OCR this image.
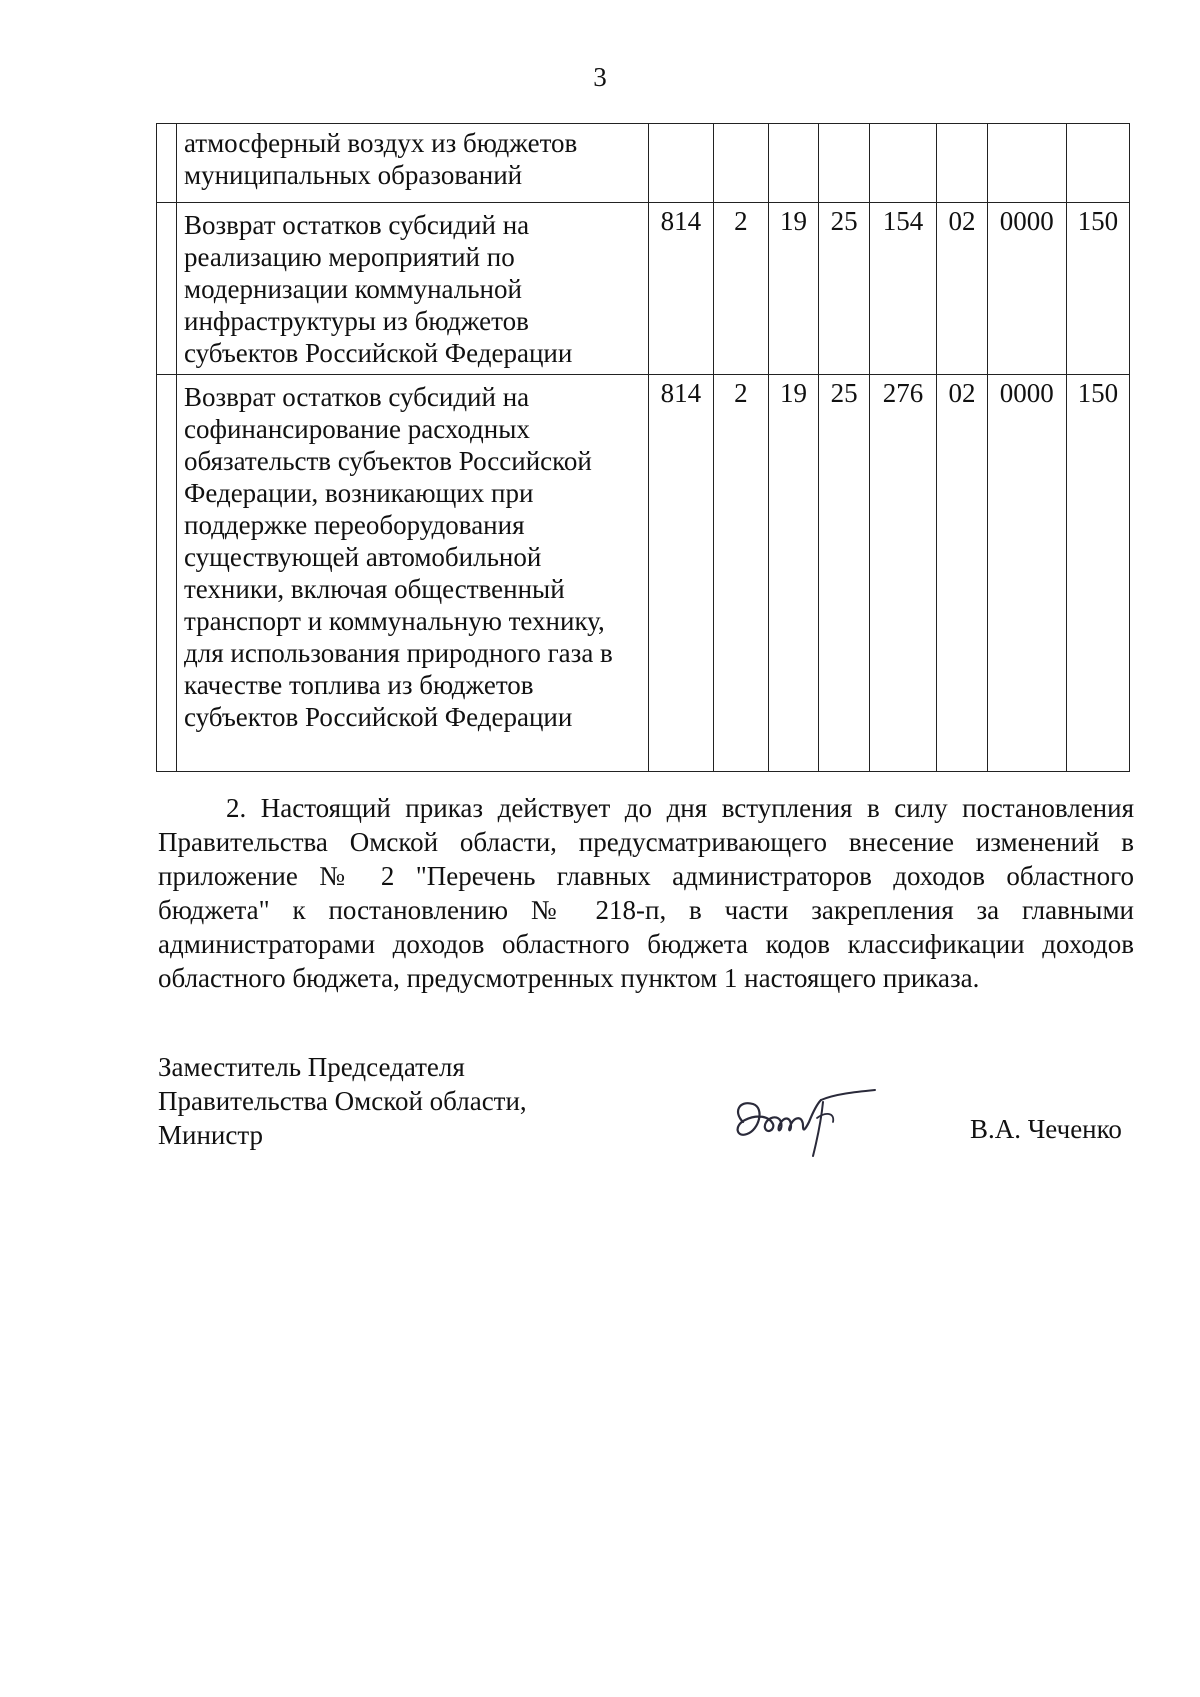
3
	атмосферный воздух из бюджетов муниципальных образований								
	Возврат остатков субсидий на реализацию мероприятий по модернизации коммунальной инфраструктуры из бюджетов субъектов Российской Федерации	814	2	19	25	154	02	0000	150
	Возврат остатков субсидий на софинансирование расходных обязательств субъектов Российской Федерации, возникающих при поддержке переоборудования существующей автомобильной техники, включая общественный транспорт и коммунальную технику, для использования природного газа в качестве топлива из бюджетов субъектов Российской Федерации	814	2	19	25	276	02	0000	150
2. Настоящий приказ действует до дня вступления в силу постановления Правительства Омской области, предусматривающего внесение изменений в приложение № 2 "Перечень главных администраторов доходов областного бюджета" к постановлению № 218-п, в части закрепления за главными администраторами доходов областного бюджета кодов классификации доходов областного бюджета, предусмотренных пунктом 1 настоящего приказа.
Заместитель Председателя
Правительства Омской области,
Министр	В.А. Чеченко
